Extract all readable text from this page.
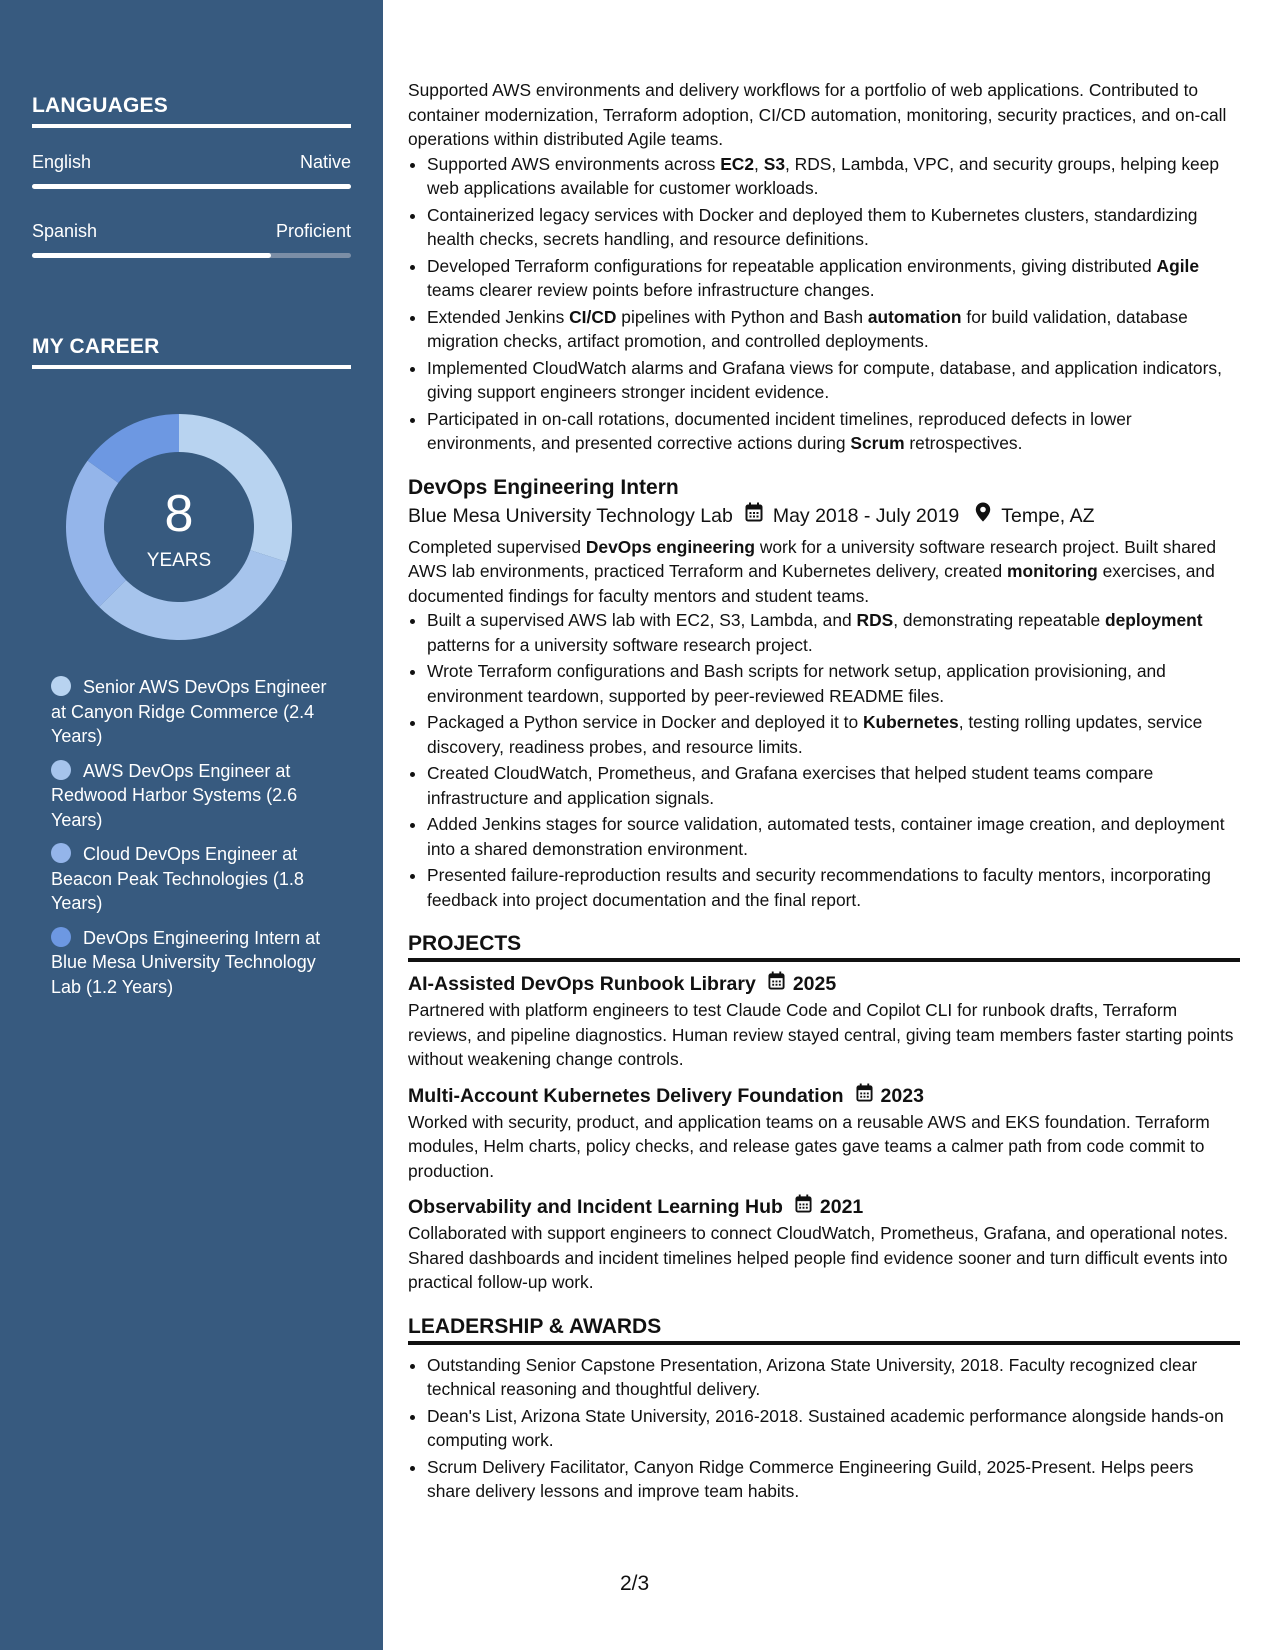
LANGUAGES
English	Native
Spanish	Proficient
MY CAREER
8
YEARS
Senior AWS DevOps Engineer at Canyon Ridge Commerce (2.4 Years)
AWS DevOps Engineer at Redwood Harbor Systems (2.6 Years)
Cloud DevOps Engineer at Beacon Peak Technologies (1.8 Years)
DevOps Engineering Intern at Blue Mesa University Technology Lab (1.2 Years)

Supported AWS environments and delivery workflows for a portfolio of web applications. Contributed to container modernization, Terraform adoption, CI/CD automation, monitoring, security practices, and on-call operations within distributed Agile teams.

• Supported AWS environments across EC2, S3, RDS, Lambda, VPC, and security groups, helping keep web applications available for customer workloads.
• Containerized legacy services with Docker and deployed them to Kubernetes clusters, standardizing health checks, secrets handling, and resource definitions.
• Developed Terraform configurations for repeatable application environments, giving distributed Agile teams clearer review points before infrastructure changes.
• Extended Jenkins CI/CD pipelines with Python and Bash automation for build validation, database migration checks, artifact promotion, and controlled deployments.
• Implemented CloudWatch alarms and Grafana views for compute, database, and application indicators, giving support engineers stronger incident evidence.
• Participated in on-call rotations, documented incident timelines, reproduced defects in lower environments, and presented corrective actions during Scrum retrospectives.
DevOps Engineering Intern
Blue Mesa University Technology Lab May 2018 - July 2019 Tempe, AZ

Completed supervised DevOps engineering work for a university software research project. Built shared AWS lab environments, practiced Terraform and Kubernetes delivery, created monitoring exercises, and documented findings for faculty mentors and student teams.

• Built a supervised AWS lab with EC2, S3, Lambda, and RDS, demonstrating repeatable deployment patterns for a university software research project.
• Wrote Terraform configurations and Bash scripts for network setup, application provisioning, and environment teardown, supported by peer-reviewed README files.
• Packaged a Python service in Docker and deployed it to Kubernetes, testing rolling updates, service discovery, readiness probes, and resource limits.
• Created CloudWatch, Prometheus, and Grafana exercises that helped student teams compare infrastructure and application signals.
• Added Jenkins stages for source validation, automated tests, container image creation, and deployment into a shared demonstration environment.
• Presented failure-reproduction results and security recommendations to faculty mentors, incorporating feedback into project documentation and the final report.
PROJECTS
AI-Assisted DevOps Runbook Library 2025

Partnered with platform engineers to test Claude Code and Copilot CLI for runbook drafts, Terraform reviews, and pipeline diagnostics. Human review stayed central, giving team members faster starting points without weakening change controls.

Multi-Account Kubernetes Delivery Foundation 2023

Worked with security, product, and application teams on a reusable AWS and EKS foundation. Terraform modules, Helm charts, policy checks, and release gates gave teams a calmer path from code commit to production.

Observability and Incident Learning Hub 2021

Collaborated with support engineers to connect CloudWatch, Prometheus, Grafana, and operational notes. Shared dashboards and incident timelines helped people find evidence sooner and turn difficult events into practical follow-up work.

LEADERSHIP & AWARDS
• Outstanding Senior Capstone Presentation, Arizona State University, 2018. Faculty recognized clear technical reasoning and thoughtful delivery.
• Dean's List, Arizona State University, 2016-2018. Sustained academic performance alongside hands-on computing work.
• Scrum Delivery Facilitator, Canyon Ridge Commerce Engineering Guild, 2025-Present. Helps peers share delivery lessons and improve team habits.
2/3
